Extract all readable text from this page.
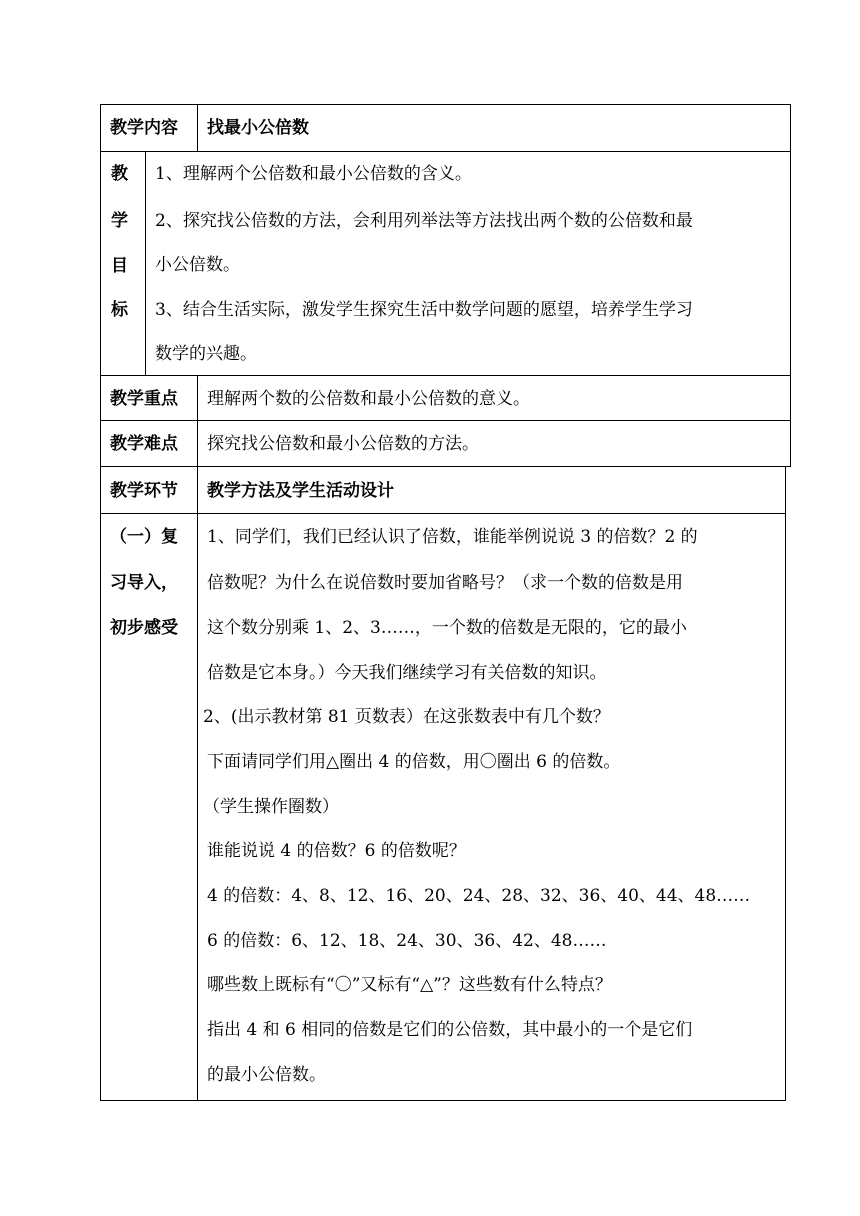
教学内容 找最小公倍数
教
学
目
标
1、理解两个公倍数和最小公倍数的含义。
2、探究找公倍数的方法，会利用列举法等方法找出两个数的公倍数和最
小公倍数。
3、结合生活实际，激发学生探究生活中数学问题的愿望，培养学生学习
数学的兴趣。
教学重点 理解两个数的公倍数和最小公倍数的意义。
教学难点 探究找公倍数和最小公倍数的方法。
教学环节 教学方法及学生活动设计
（一）复
习导入，
初步感受
1、同学们，我们已经认识了倍数，谁能举例说说 3 的倍数？2 的
倍数呢？为什么在说倍数时要加省略号？（求一个数的倍数是用
这个数分别乘 1、2、3……，一个数的倍数是无限的，它的最小
倍数是它本身。）今天我们继续学习有关倍数的知识。
2、(出示教材第 81 页数表）在这张数表中有几个数？
下面请同学们用△圈出 4 的倍数，用〇圈出 6 的倍数。
（学生操作圈数）
谁能说说 4 的倍数？6 的倍数呢？
4 的倍数：4、8、12、16、20、24、28、32、36、40、44、48……
6 的倍数：6、12、18、24、30、36、42、48……
哪些数上既标有“〇”又标有“△”？这些数有什么特点？
指出 4 和 6 相同的倍数是它们的公倍数，其中最小的一个是它们
的最小公倍数。
